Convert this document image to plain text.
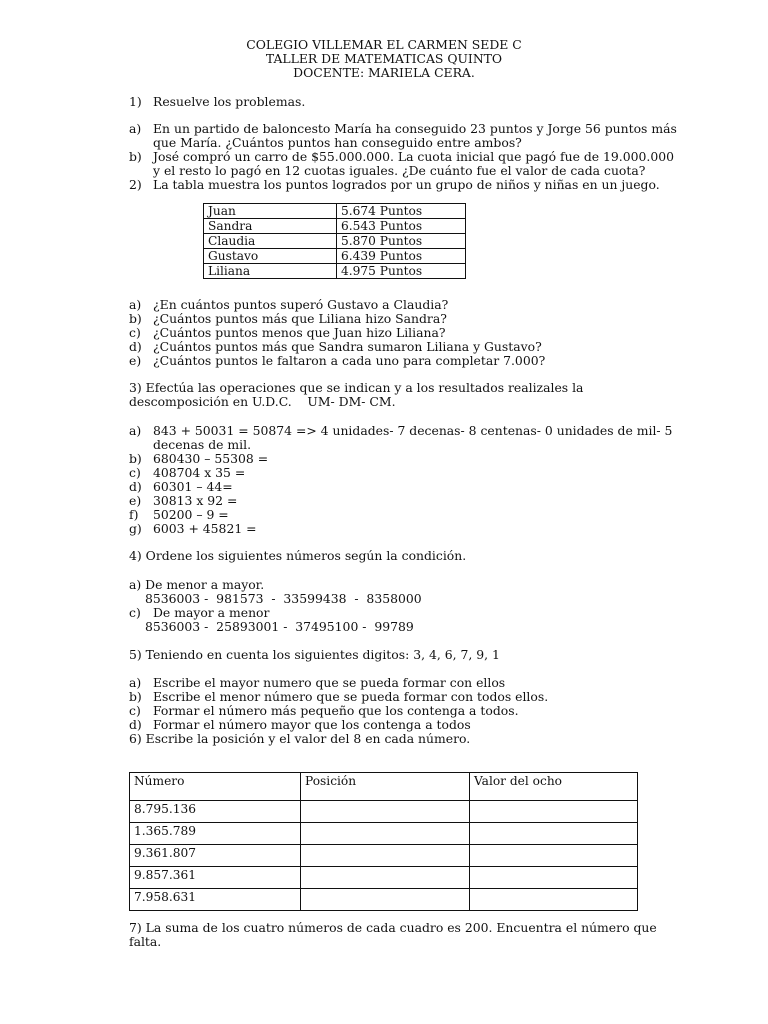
COLEGIO VILLEMAR EL CARMEN SEDE C
TALLER DE MATEMATICAS QUINTO
DOCENTE: MARIELA CERA.
1) Resuelve los problemas.
a) En un partido de baloncesto María ha conseguido 23 puntos y Jorge 56 puntos más
que María. ¿Cuántos puntos han conseguido entre ambos?
b) José compró un carro de $55.000.000. La cuota inicial que pagó fue de 19.000.000
y el resto lo pagó en 12 cuotas iguales. ¿De cuánto fue el valor de cada cuota?
2) La tabla muestra los puntos logrados por un grupo de niños y niñas en un juego.
Juan	5.674 Puntos
Sandra	6.543 Puntos
Claudia	5.870 Puntos
Gustavo	6.439 Puntos
Liliana	4.975 Puntos
a) ¿En cuántos puntos superó Gustavo a Claudia?
b) ¿Cuántos puntos más que Liliana hizo Sandra?
c) ¿Cuántos puntos menos que Juan hizo Liliana?
d) ¿Cuántos puntos más que Sandra sumaron Liliana y Gustavo?
e) ¿Cuántos puntos le faltaron a cada uno para completar 7.000?
3) Efectúa las operaciones que se indican y a los resultados realizales la
descomposición en U.D.C.    UM- DM- CM.
a) 843 + 50031 = 50874 => 4 unidades- 7 decenas- 8 centenas- 0 unidades de mil- 5
decenas de mil.
b) 680430 – 55308 =
c) 408704 x 35 =
d) 60301 – 44=
e) 30813 x 92 =
f) 50200 – 9 =
g) 6003 + 45821 =
4) Ordene los siguientes números según la condición.
a) De menor a mayor.
8536003 -  981573  -  33599438  -  8358000
c) De mayor a menor
8536003 -  25893001 -  37495100 -  99789
5) Teniendo en cuenta los siguientes digitos: 3, 4, 6, 7, 9, 1
a) Escribe el mayor numero que se pueda formar con ellos
b) Escribe el menor número que se pueda formar con todos ellos.
c) Formar el número más pequeño que los contenga a todos.
d) Formar el número mayor que los contenga a todos
6) Escribe la posición y el valor del 8 en cada número.
Número	Posición	Valor del ocho
8.795.136		
1.365.789		
9.361.807		
9.857.361		
7.958.631		
7) La suma de los cuatro números de cada cuadro es 200. Encuentra el número que
falta.
